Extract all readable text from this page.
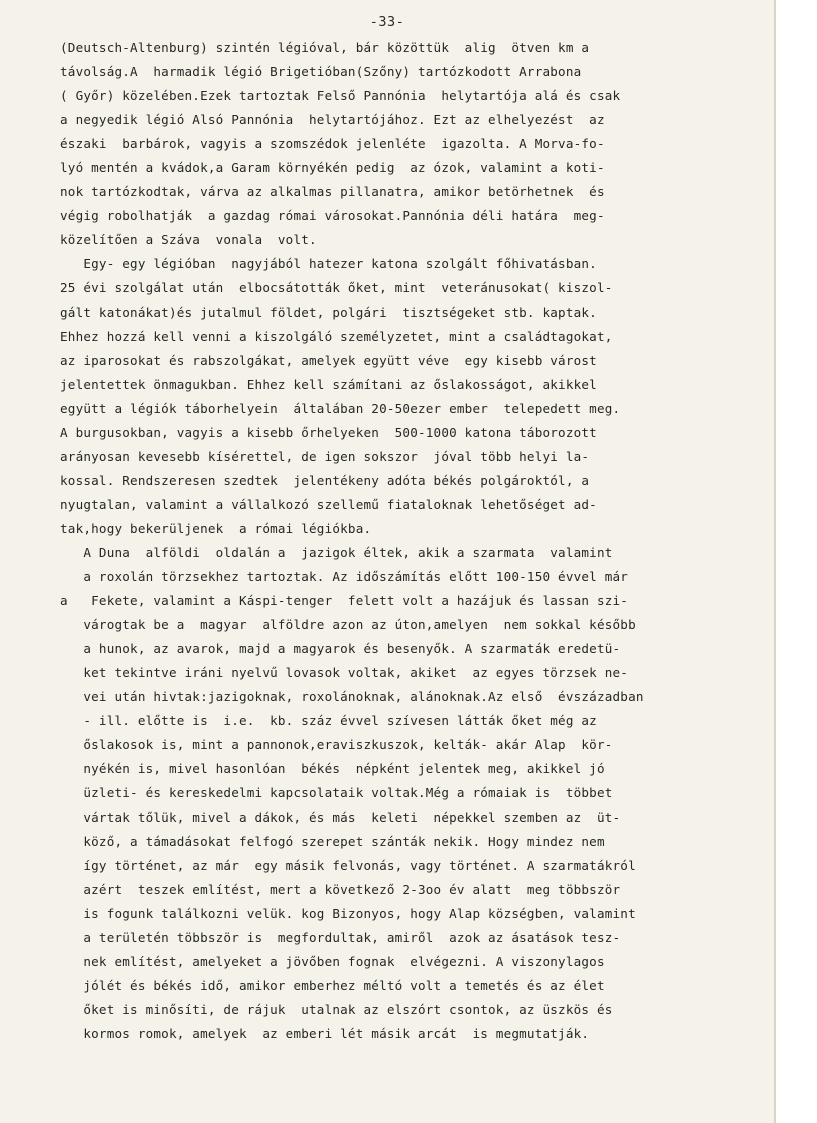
-33-
(Deutsch-Altenburg) szintén légióval, bár közöttük  alig  ötven km a
távolság.A  harmadik légió Brigetióban(Szőny) tartózkodott Arrabona
( Győr) közelében.Ezek tartoztak Felső Pannónia  helytartója alá és csak
a negyedik légió Alsó Pannónia  helytartójához. Ezt az elhelyezést  az
északi  barbárok, vagyis a szomszédok jelenléte  igazolta. A Morva-fo-
lyó mentén a kvádok,a Garam környékén pedig  az ózok, valamint a koti-
nok tartózkodtak, várva az alkalmas pillanatra, amikor betörhetnek  és
végig robolhatják  a gazdag római városokat.Pannónia déli határa  meg-
közelítően a Száva  vonala  volt.
Egy- egy légióban  nagyjából hatezer katona szolgált főhivatásban.
25 évi szolgálat után  elbocsátották őket, mint  veteránusokat( kiszol-
gált katonákat)és jutalmul földet, polgári  tisztségeket stb. kaptak.
Ehhez hozzá kell venni a kiszolgáló személyzetet, mint a családtagokat,
az iparosokat és rabszolgákat, amelyek együtt véve  egy kisebb várost
jelentettek önmagukban. Ehhez kell számítani az őslakosságot, akikkel
együtt a légiók táborhelyein  általában 20-50ezer ember  telepedett meg.
A burgusokban, vagyis a kisebb őrhelyeken  500-1000 katona táborozott
arányosan kevesebb kísérettel, de igen sokszor  jóval több helyi la-
kossal. Rendszeresen szedtek  jelentékeny adóta békés polgároktól, a
nyugtalan, valamint a vállalkozó szellemű fiataloknak lehetőséget ad-
tak,hogy bekerüljenek  a római légiókba.
A Duna  alföldi  oldalán a  jazigok éltek, akik a szarmata  valamint
a roxolán törzsekhez tartoztak. Az időszámítás előtt 100-150 évvel már
a   Fekete, valamint a Káspi-tenger  felett volt a hazájuk és lassan szi-
várogtak be a  magyar  alföldre azon az úton,amelyen  nem sokkal később
a hunok, az avarok, majd a magyarok és besenyők. A szarmaták eredetü-
ket tekintve iráni nyelvű lovasok voltak, akiket  az egyes törzsek ne-
vei után hivtak:jazigoknak, roxolánoknak, alánoknak.Az első  évszázadban
- ill. előtte is  i.e.  kb. száz évvel szívesen látták őket még az
őslakosok is, mint a pannonok,eraviszkuszok, kelták- akár Alap  kör-
nyékén is, mivel hasonlóan  békés  népként jelentek meg, akikkel jó
üzleti- és kereskedelmi kapcsolataik voltak.Még a rómaiak is  többet
vártak tőlük, mivel a dákok, és más  keleti  népekkel szemben az  üt-
köző, a támadásokat felfogó szerepet szánták nekik. Hogy mindez nem
így történet, az már  egy másik felvonás, vagy történet. A szarmatákról
azért  teszek említést, mert a következő 2-3oo év alatt  meg többször
is fogunk találkozni velük. kog Bizonyos, hogy Alap községben, valamint
a területén többször is  megfordultak, amiről  azok az ásatások tesz-
nek említést, amelyeket a jövőben fognak  elvégezni. A viszonylagos
jólét és békés idő, amikor emberhez méltó volt a temetés és az élet
őket is minősíti, de rájuk  utalnak az elszórt csontok, az üszkös és
kormos romok, amelyek  az emberi lét másik arcát  is megmutatják.
